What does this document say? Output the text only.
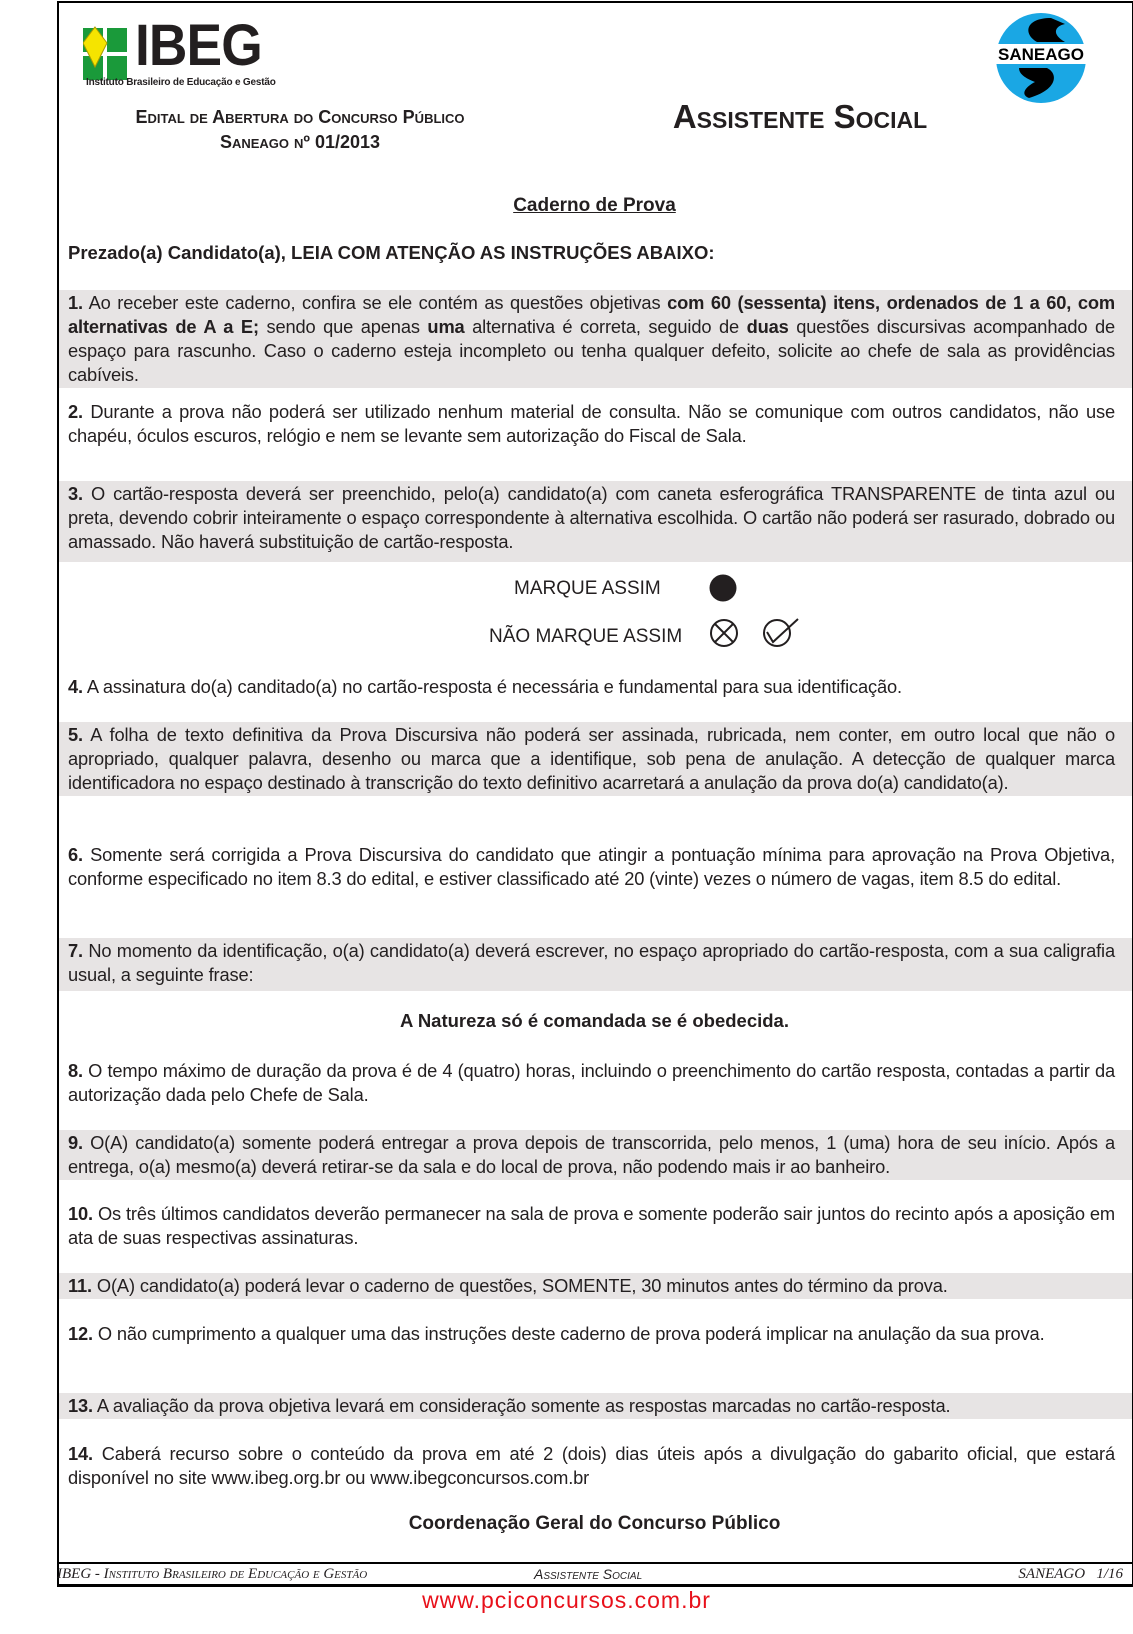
IBEG
Instituto Brasileiro de Educação e Gestão
SANEAGO
Edital de Abertura do Concurso Público
Saneago nº 01/2013
Assistente Social
Caderno de Prova
Prezado(a) Candidato(a), LEIA COM ATENÇÃO AS INSTRUÇÕES ABAIXO:
1. Ao receber este caderno, confira se ele contém as questões objetivas com 60 (sessenta) itens, ordenados de 1 a 60, com alternativas de A a E; sendo que apenas uma alternativa é correta, seguido de duas questões discursivas acompanhado de espaço para rascunho. Caso o caderno esteja incompleto ou tenha qualquer defeito, solicite ao chefe de sala as providências cabíveis.
2. Durante a prova não poderá ser utilizado nenhum material de consulta. Não se comunique com outros candidatos, não use chapéu, óculos escuros, relógio e nem se levante sem autorização do Fiscal de Sala.
3. O cartão-resposta deverá ser preenchido, pelo(a) candidato(a) com caneta esferográfica TRANSPARENTE de tinta azul ou preta, devendo cobrir inteiramente o espaço correspondente à alternativa escolhida. O cartão não poderá ser rasurado, dobrado ou amassado. Não haverá substituição de cartão-resposta.
MARQUE ASSIM
NÃO MARQUE ASSIM
4. A assinatura do(a) canditado(a) no cartão-resposta é necessária e fundamental para sua identificação.
5. A folha de texto definitiva da Prova Discursiva não poderá ser assinada, rubricada, nem conter, em outro local que não o apropriado, qualquer palavra, desenho ou marca que a identifique, sob pena de anulação. A detecção de qualquer marca identificadora no espaço destinado à transcrição do texto definitivo acarretará a anulação da prova do(a) candidato(a).
6. Somente será corrigida a Prova Discursiva do candidato que atingir a pontuação mínima para aprovação na Prova Objetiva, conforme especificado no item 8.3 do edital, e estiver classificado até 20 (vinte) vezes o número de vagas, item 8.5 do edital.
7. No momento da identificação, o(a) candidato(a) deverá escrever, no espaço apropriado do cartão-resposta, com a sua caligrafia usual, a seguinte frase:
A Natureza só é comandada se é obedecida.
8. O tempo máximo de duração da prova é de 4 (quatro) horas, incluindo o preenchimento do cartão resposta, contadas a partir da autorização dada pelo Chefe de Sala.
9. O(A) candidato(a) somente poderá entregar a prova depois de transcorrida, pelo menos, 1 (uma) hora de seu início. Após a entrega, o(a) mesmo(a) deverá retirar-se da sala e do local de prova, não podendo mais ir ao banheiro.
10. Os três últimos candidatos deverão permanecer na sala de prova e somente poderão sair juntos do recinto após a aposição em ata de suas respectivas assinaturas.
11. O(A) candidato(a) poderá levar o caderno de questões, SOMENTE, 30 minutos antes do término da prova.
12. O não cumprimento a qualquer uma das instruções deste caderno de prova poderá implicar na anulação da sua prova.
13. A avaliação da prova objetiva levará em consideração somente as respostas marcadas no cartão-resposta.
14. Caberá recurso sobre o conteúdo da prova em até 2 (dois) dias úteis após a divulgação do gabarito oficial, que estará disponível no site www.ibeg.org.br ou www.ibegconcursos.com.br
Coordenação Geral do Concurso Público
IBEG - Instituto Brasileiro de Educação e Gestão	Assistente Social	SANEAGO   1/16
www.pciconcursos.com.br
